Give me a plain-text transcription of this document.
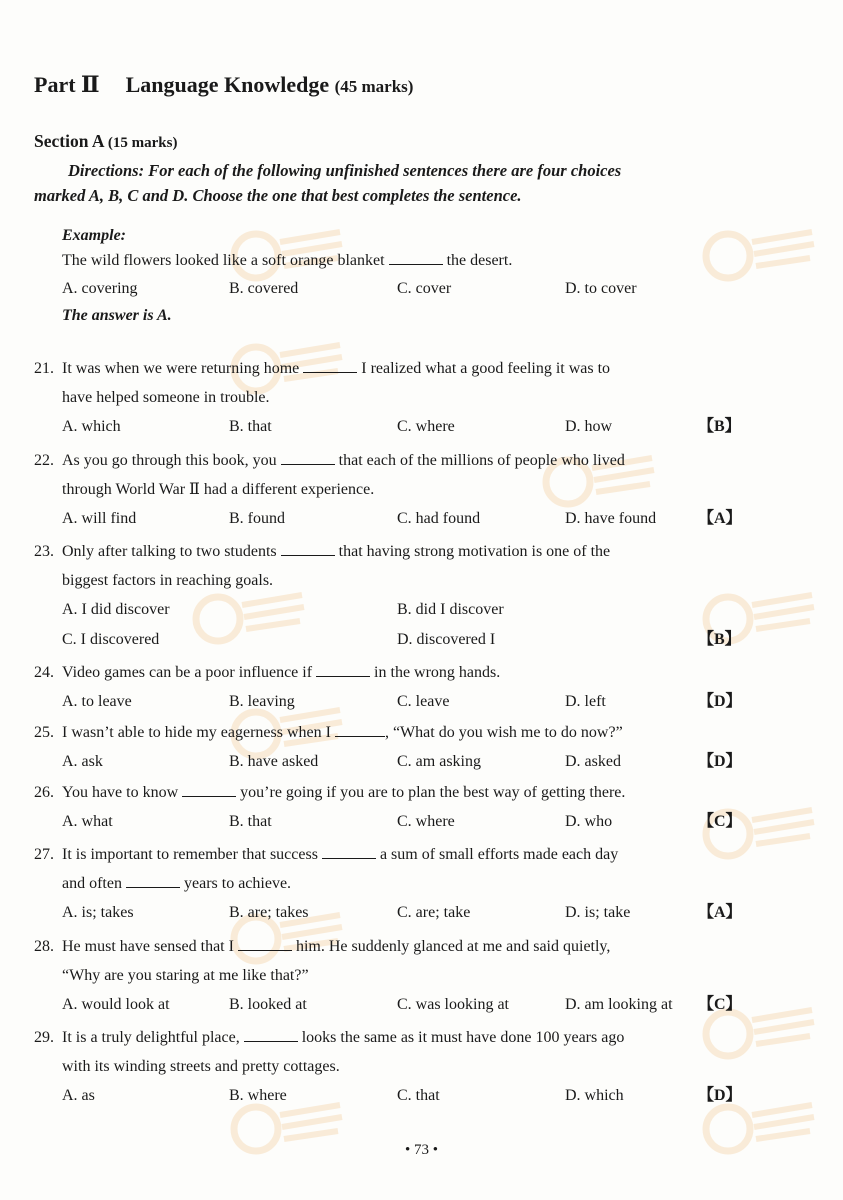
Part Ⅱ Language Knowledge (45 marks)
Section A (15 marks)
Directions: For each of the following unfinished sentences there are four choices
marked A, B, C and D. Choose the one that best completes the sentence.
Example:
The wild flowers looked like a soft orange blanket	the desert.
A. covering	B. covered	C. cover	D. to cover
The answer is A.
21. It was when we were returning home	I realized what a good feeling it was to
have helped someone in trouble.
A. which	B. that	C. where	D. how	【B】
22. As you go through this book, you	that each of the millions of people who lived
through World War Ⅱ had a different experience.
A. will find	B. found	C. had found	D. have found	【A】
23. Only after talking to two students	that having strong motivation is one of the
biggest factors in reaching goals.
A. I did discover	B. did I discover
C. I discovered	D. discovered I	【B】
24. Video games can be a poor influence if	in the wrong hands.
A. to leave	B. leaving	C. leave	D. left	【D】
25. I wasn’t able to hide my eagerness when I	, “What do you wish me to do now?”
A. ask	B. have asked	C. am asking	D. asked	【D】
26. You have to know	you’re going if you are to plan the best way of getting there.
A. what	B. that	C. where	D. who	【C】
27. It is important to remember that success	a sum of small efforts made each day
and often	years to achieve.
A. is; takes	B. are; takes	C. are; take	D. is; take	【A】
28. He must have sensed that I	him. He suddenly glanced at me and said quietly,
“Why are you staring at me like that?”
A. would look at	B. looked at	C. was looking at	D. am looking at 【C】
29. It is a truly delightful place,	looks the same as it must have done 100 years ago
with its winding streets and pretty cottages.
A. as	B. where	C. that	D. which	【D】
• 73 •
